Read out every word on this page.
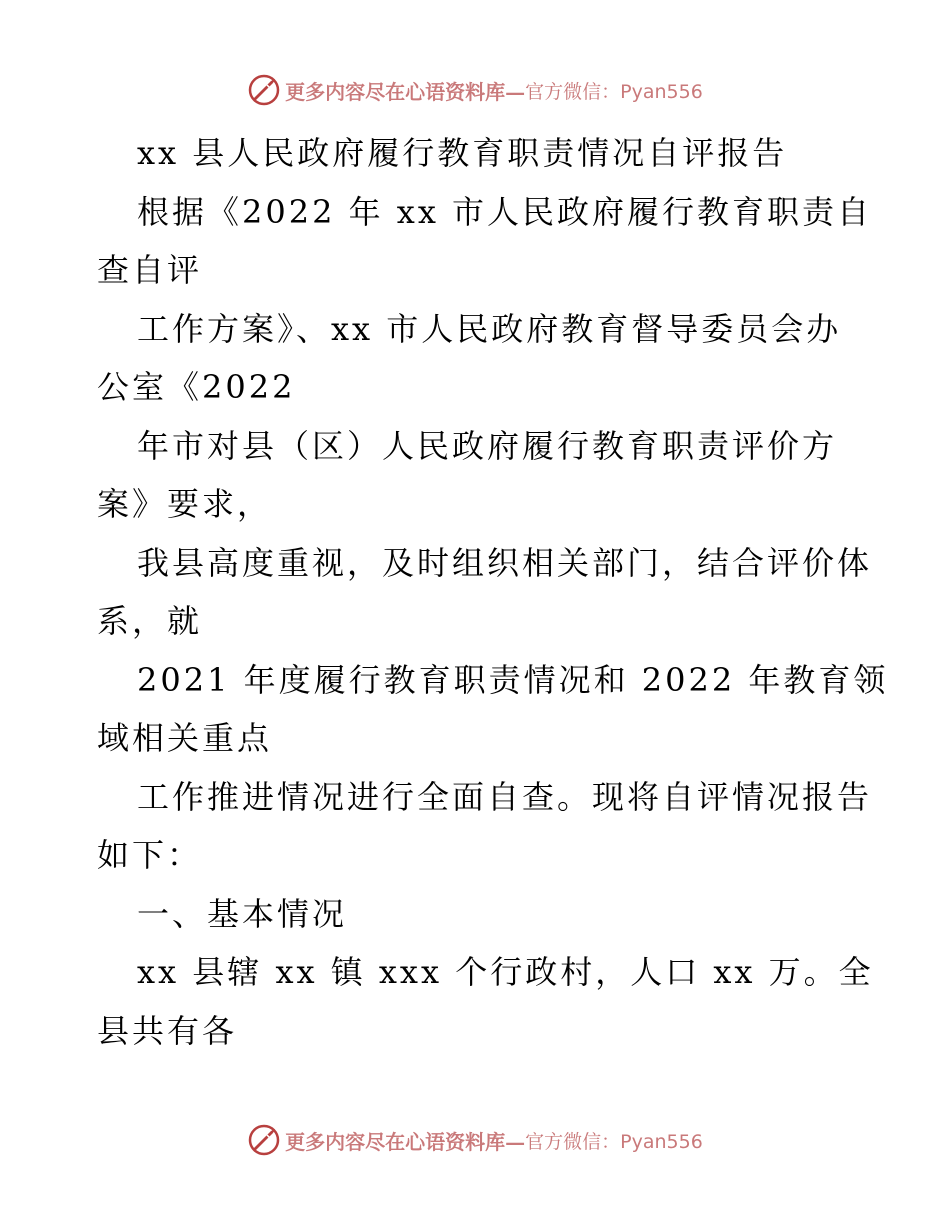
更多内容尽在心语资料库— 官方微信：Pyan556
xx 县人民政府履行教育职责情况自评报告
根据《2022 年 xx 市人民政府履行教育职责自
查自评
工作方案》、xx 市人民政府教育督导委员会办
公室《2022
年市对县（区）人民政府履行教育职责评价方
案》要求，
我县高度重视，及时组织相关部门，结合评价体
系，就
2021 年度履行教育职责情况和 2022 年教育领
域相关重点
工作推进情况进行全面自查。现将自评情况报告
如下：
一、基本情况
xx 县辖 xx 镇 xxx 个行政村，人口 xx 万。全
县共有各
更多内容尽在心语资料库— 官方微信：Pyan556
